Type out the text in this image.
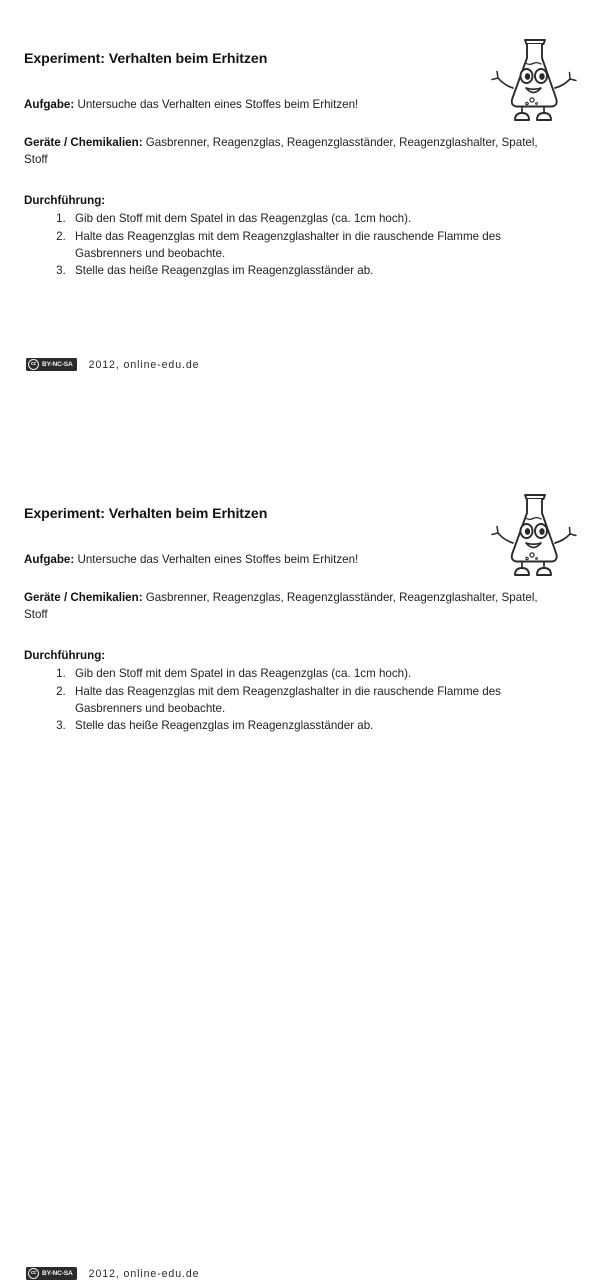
Experiment: Verhalten beim Erhitzen

Aufgabe: Untersuche das Verhalten eines Stoffes beim Erhitzen!

Geräte / Chemikalien: Gasbrenner, Reagenzglas, Reagenzglasständer, Reagenzglashalter, Spatel, Stoff

Durchführung:

1. Gib den Stoff mit dem Spatel in das Reagenzglas (ca. 1cm hoch).
2. Halte das Reagenzglas mit dem Reagenzglashalter in die rauschende Flamme des Gasbrenners und beobachte.
3. Stelle das heiße Reagenzglas im Reagenzglasständer ab.
cc BY-NC-SA 2012, online-edu.de
Experiment: Verhalten beim Erhitzen

Aufgabe: Untersuche das Verhalten eines Stoffes beim Erhitzen!

Geräte / Chemikalien: Gasbrenner, Reagenzglas, Reagenzglasständer, Reagenzglashalter, Spatel, Stoff

Durchführung:

1. Gib den Stoff mit dem Spatel in das Reagenzglas (ca. 1cm hoch).
2. Halte das Reagenzglas mit dem Reagenzglashalter in die rauschende Flamme des Gasbrenners und beobachte.
3. Stelle das heiße Reagenzglas im Reagenzglasständer ab.
cc BY-NC-SA 2012, online-edu.de
